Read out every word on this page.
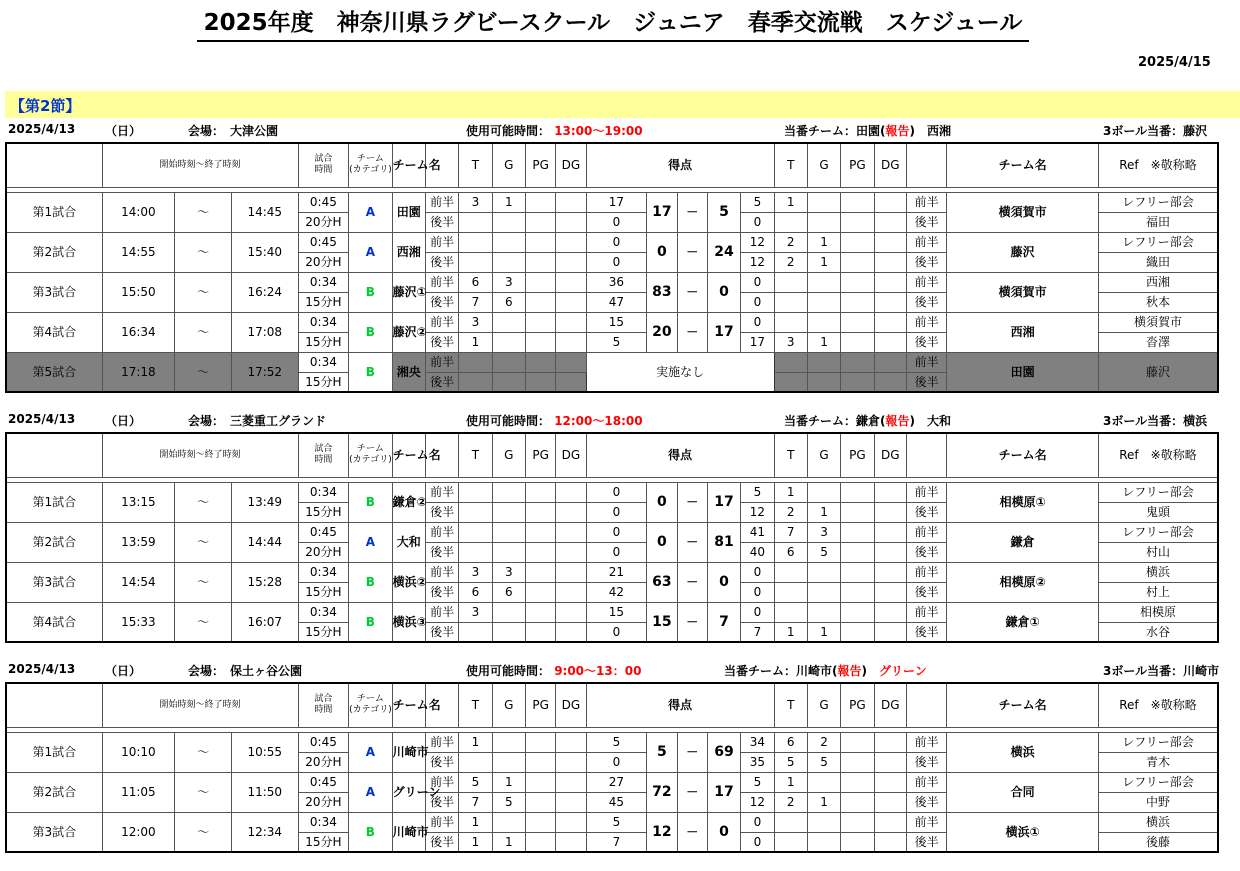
2025年度　神奈川県ラグビースクール　ジュニア　春季交流戦　スケジュール
2025/4/15
【第2節】
2025/4/13 （日）	会場：　大津公園	使用可能時間： 13:00～19:00	当番チーム：田園(報告)　西湘	3ボール当番：藤沢
	開始時刻～終了時刻			試合
時間	チーム
(カテゴリ)	チーム名		T	G	PG	DG	得点					T	G	PG	DG		チーム名	Ref　※敬称略

第1試合	14:00	～	14:45	0:45	A	田園	前半	3	1			17	17	－	5	5	1				前半	横須賀市	レフリー部会
				20分H			後半					0				0					後半		福田
第2試合	14:55	～	15:40	0:45	A	西湘	前半					0	0	－	24	12	2	1			前半	藤沢	レフリー部会
				20分H			後半					0				12	2	1			後半		織田
第3試合	15:50	～	16:24	0:34	B	藤沢①	前半	6	3			36	83	－	0	0					前半	横須賀市	西湘
				15分H			後半	7	6			47				0					後半		秋本
第4試合	16:34	～	17:08	0:34	B	藤沢②	前半	3				15	20	－	17	0					前半	西湘	横須賀市
				15分H			後半	1				5				17	3	1			後半		沓澤
第5試合	17:18	～	17:52	0:34	B	湘央	前半					実施なし									前半	田園	藤沢
				15分H			後半														後半		
2025/4/13 （日）	会場：　三菱重工グランド	使用可能時間： 12:00～18:00	当番チーム：鎌倉(報告)　大和	3ボール当番：横浜
	開始時刻～終了時刻			試合
時間	チーム
(カテゴリ)	チーム名		T	G	PG	DG	得点					T	G	PG	DG		チーム名	Ref　※敬称略

第1試合	13:15	～	13:49	0:34	B	鎌倉②	前半					0	0	－	17	5	1				前半	相模原①	レフリー部会
				15分H			後半					0				12	2	1			後半		鬼頭
第2試合	13:59	～	14:44	0:45	A	大和	前半					0	0	－	81	41	7	3			前半	鎌倉	レフリー部会
				20分H			後半					0				40	6	5			後半		村山
第3試合	14:54	～	15:28	0:34	B	横浜②	前半	3	3			21	63	－	0	0					前半	相模原②	横浜
				15分H			後半	6	6			42				0					後半		村上
第4試合	15:33	～	16:07	0:34	B	横浜③	前半	3				15	15	－	7	0					前半	鎌倉①	相模原
				15分H			後半					0				7	1	1			後半		水谷
2025/4/13 （日）	会場：　保土ヶ谷公園	使用可能時間： 9:00～13：00	当番チーム：川崎市(報告)　グリーン	3ボール当番：川崎市
	開始時刻～終了時刻			試合
時間	チーム
(カテゴリ)	チーム名		T	G	PG	DG	得点					T	G	PG	DG		チーム名	Ref　※敬称略

第1試合	10:10	～	10:55	0:45	A	川崎市	前半	1				5	5	－	69	34	6	2			前半	横浜	レフリー部会
				20分H			後半					0				35	5	5			後半		青木
第2試合	11:05	～	11:50	0:45	A	グリーン	前半	5	1			27	72	－	17	5	1				前半	合同	レフリー部会
				20分H			後半	7	5			45				12	2	1			後半		中野
第3試合	12:00	～	12:34	0:34	B	川崎市	前半	1				5	12	－	0	0					前半	横浜①	横浜
				15分H			後半	1	1			7				0					後半		後藤
